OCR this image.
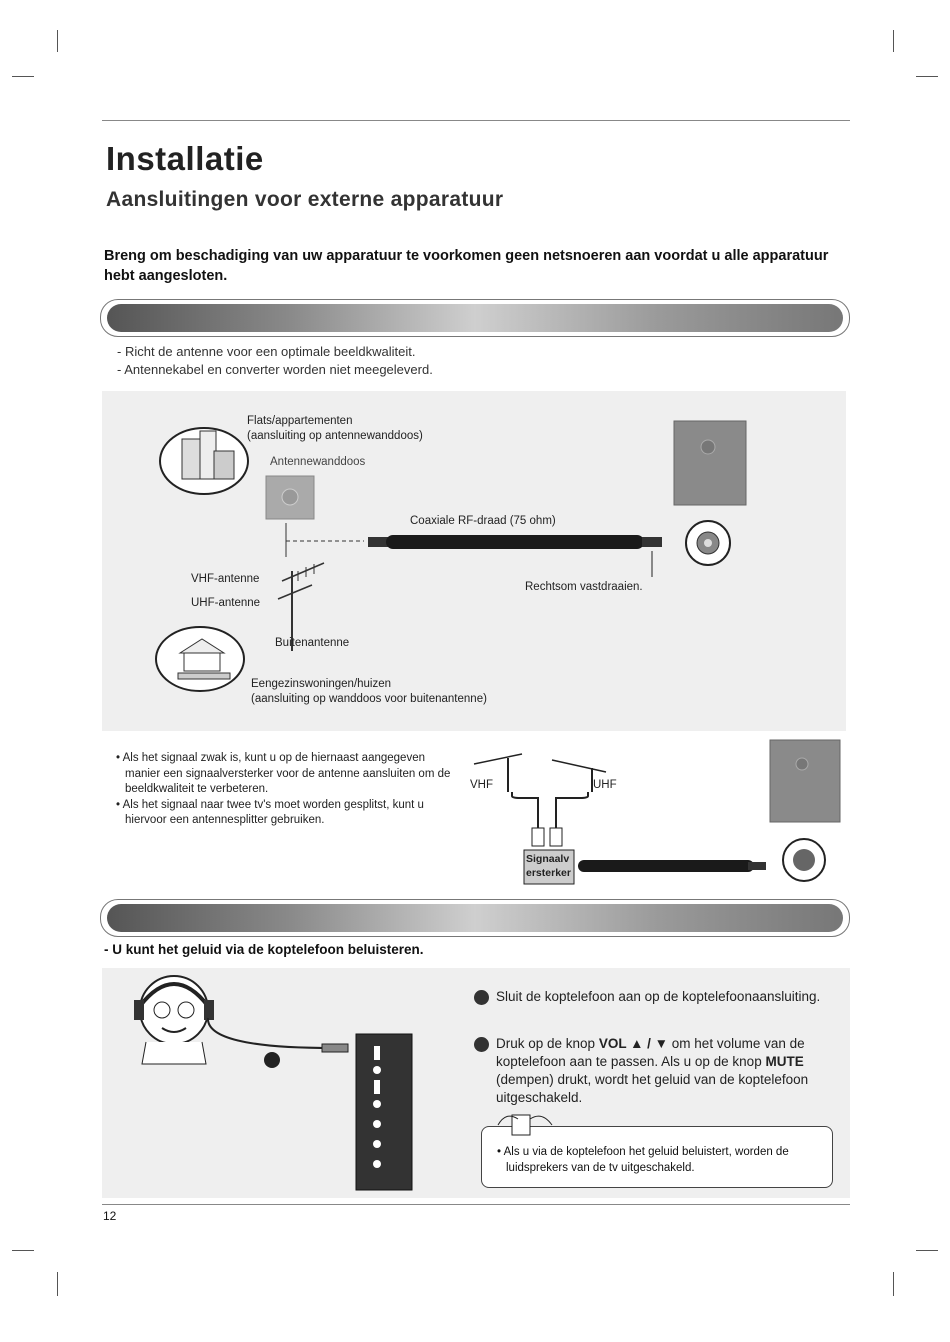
Installatie
Aansluitingen voor externe apparatuur
Breng om beschadiging van uw apparatuur te voorkomen geen netsnoeren aan voordat u alle apparatuur hebt aangesloten.
- Richt de antenne voor een optimale beeldkwaliteit.
- Antennekabel en converter worden niet meegeleverd.
Flats/appartementen
(aansluiting op antennewanddoos)
Antennewanddoos
Coaxiale RF-draad (75 ohm)
VHF-antenne
UHF-antenne
Rechtsom vastdraaien.
Buitenantenne
Eengezinswoningen/huizen
(aansluiting op wanddoos voor buitenantenne)
• Als het signaal zwak is, kunt u op de hiernaast aangegeven manier een signaalversterker voor de antenne aansluiten om de beeldkwaliteit te verbeteren.
• Als het signaal naar twee tv's moet worden gesplitst, kunt u hiervoor een antennesplitter gebruiken.
VHF	UHF
Signaalv
ersterker
- U kunt het geluid via de koptelefoon beluisteren.
Sluit de koptelefoon aan op de koptelefoonaansluiting.
Druk op de knop VOL ▲ / ▼ om het volume van de koptelefoon aan te passen. Als u op de knop MUTE (dempen) drukt, wordt het geluid van de koptelefoon uitgeschakeld.
• Als u via de koptelefoon het geluid beluistert, worden de luidsprekers van de tv uitgeschakeld.
12
